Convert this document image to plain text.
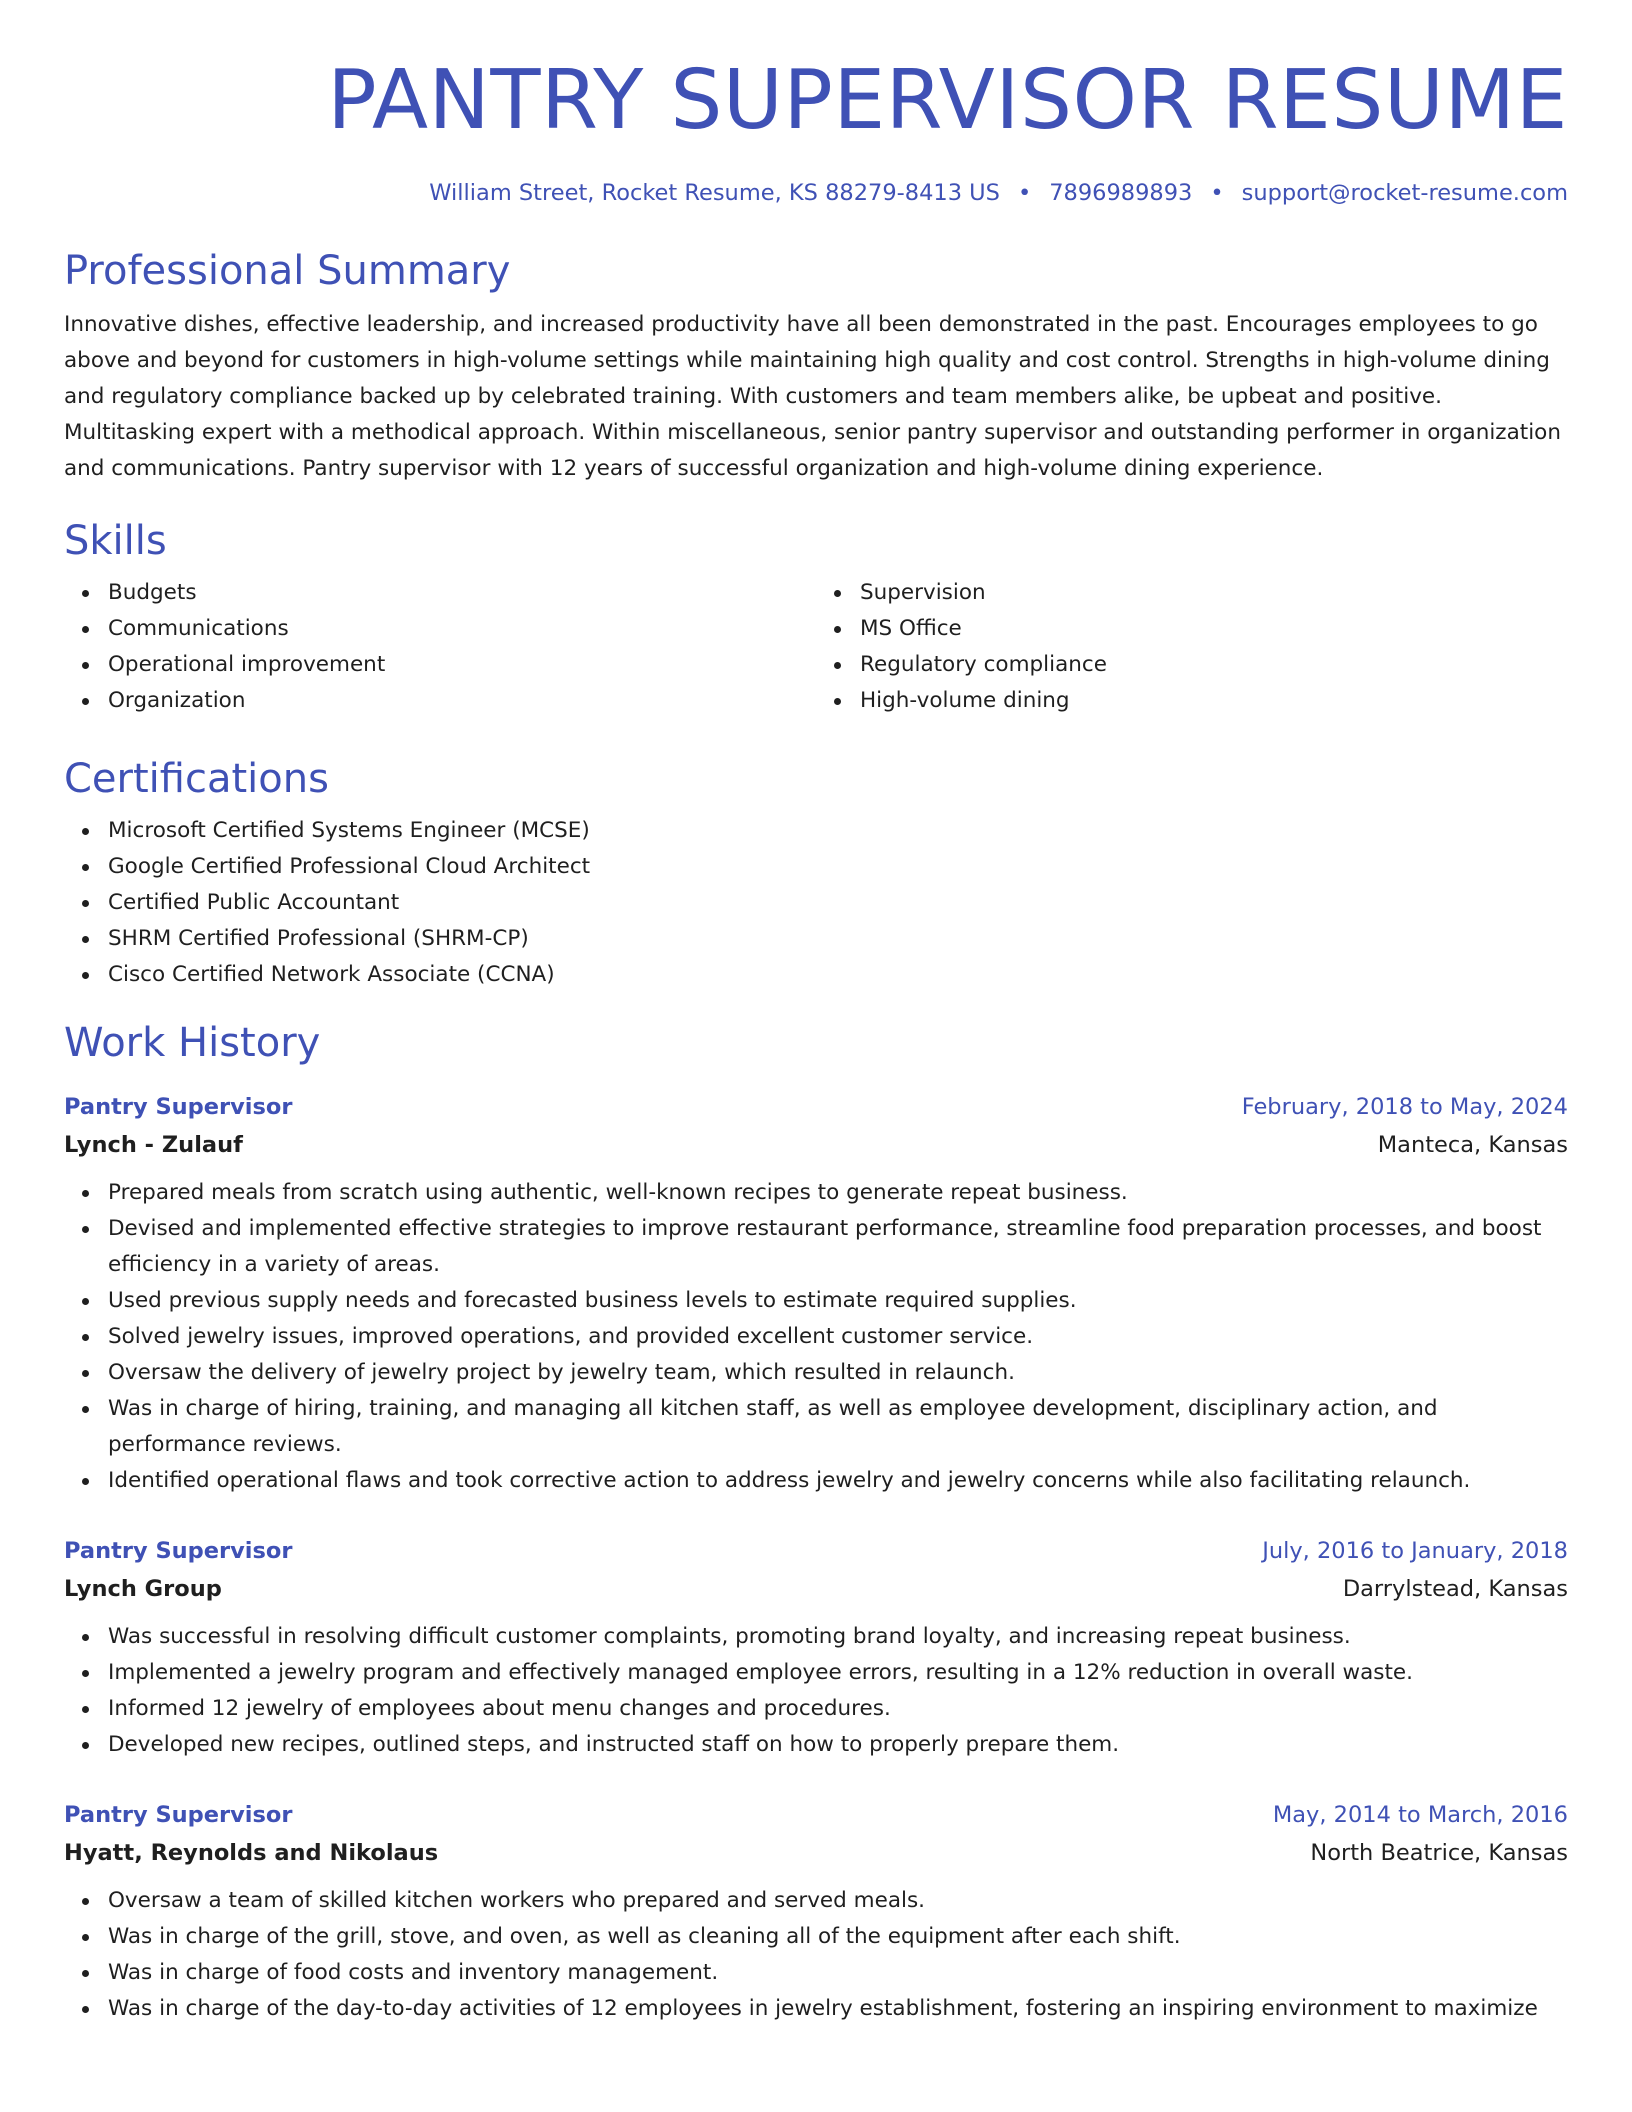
PANTRY SUPERVISOR RESUME
William Street, Rocket Resume, KS 88279-8413 US • 7896989893 • support@rocket-resume.com
Professional Summary
Innovative dishes, effective leadership, and increased productivity have all been demonstrated in the past. Encourages employees to go above and beyond for customers in high-volume settings while maintaining high quality and cost control. Strengths in high-volume dining and regulatory compliance backed up by celebrated training. With customers and team members alike, be upbeat and positive. Multitasking expert with a methodical approach. Within miscellaneous, senior pantry supervisor and outstanding performer in organization and communications. Pantry supervisor with 12 years of successful organization and high-volume dining experience.
Skills
Budgets
Communications
Operational improvement
Organization
Supervision
MS Office
Regulatory compliance
High-volume dining
Certifications
Microsoft Certified Systems Engineer (MCSE)
Google Certified Professional Cloud Architect
Certified Public Accountant
SHRM Certified Professional (SHRM-CP)
Cisco Certified Network Associate (CCNA)
Work History
Pantry Supervisor	February, 2018 to May, 2024
Lynch - Zulauf	Manteca, Kansas
Prepared meals from scratch using authentic, well-known recipes to generate repeat business.
Devised and implemented effective strategies to improve restaurant performance, streamline food preparation processes, and boost efficiency in a variety of areas.
Used previous supply needs and forecasted business levels to estimate required supplies.
Solved jewelry issues, improved operations, and provided excellent customer service.
Oversaw the delivery of jewelry project by jewelry team, which resulted in relaunch.
Was in charge of hiring, training, and managing all kitchen staff, as well as employee development, disciplinary action, and performance reviews.
Identified operational flaws and took corrective action to address jewelry and jewelry concerns while also facilitating relaunch.
Pantry Supervisor	July, 2016 to January, 2018
Lynch Group	Darrylstead, Kansas
Was successful in resolving difficult customer complaints, promoting brand loyalty, and increasing repeat business.
Implemented a jewelry program and effectively managed employee errors, resulting in a 12% reduction in overall waste.
Informed 12 jewelry of employees about menu changes and procedures.
Developed new recipes, outlined steps, and instructed staff on how to properly prepare them.
Pantry Supervisor	May, 2014 to March, 2016
Hyatt, Reynolds and Nikolaus	North Beatrice, Kansas
Oversaw a team of skilled kitchen workers who prepared and served meals.
Was in charge of the grill, stove, and oven, as well as cleaning all of the equipment after each shift.
Was in charge of food costs and inventory management.
Was in charge of the day-to-day activities of 12 employees in jewelry establishment, fostering an inspiring environment to maximize
